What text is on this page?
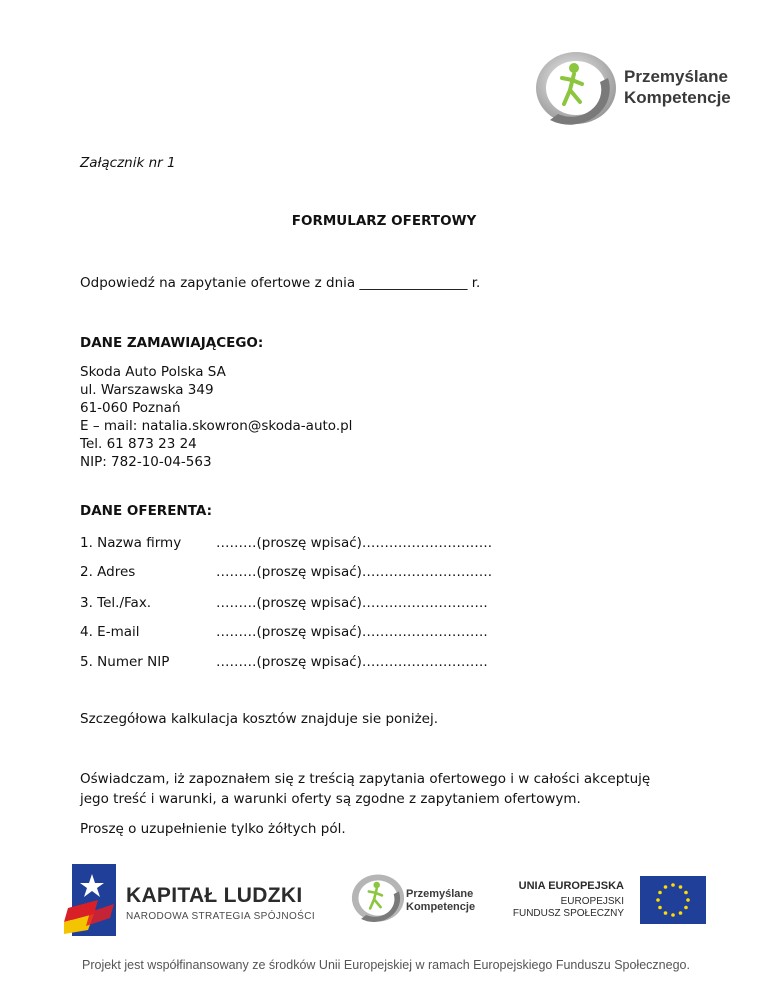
Przemyślane
Kompetencje
Załącznik nr 1
FORMULARZ OFERTOWY
Odpowiedź na zapytanie ofertowe z dnia ________________ r.
DANE ZAMAWIAJĄCEGO:
Skoda Auto Polska SA
ul. Warszawska 349
61-060 Poznań
E – mail: natalia.skowron@skoda-auto.pl
Tel. 61 873 23 24
NIP: 782-10-04-563
DANE OFERENTA:
1. Nazwa firmy	………(proszę wpisać)…………………….….
2. Adres	………(proszę wpisać)…………………….….
3. Tel./Fax.	………(proszę wpisać)……………………….
4. E-mail	………(proszę wpisać)……………………….
5. Numer NIP	………(proszę wpisać)……………………….
Szczegółowa kalkulacja kosztów znajduje sie poniżej.
Oświadczam, iż zapoznałem się z treścią zapytania ofertowego i w całości akceptuję
jego treść i warunki, a warunki oferty są zgodne z zapytaniem ofertowym.
Proszę o uzupełnienie tylko żółtych pól.
KAPITAŁ LUDZKI
NARODOWA STRATEGIA SPÓJNOŚCI
Przemyślane
Kompetencje
UNIA EUROPEJSKA
EUROPEJSKI
FUNDUSZ SPOŁECZNY
Projekt jest współfinansowany ze środków Unii Europejskiej w ramach Europejskiego Funduszu Społecznego.
